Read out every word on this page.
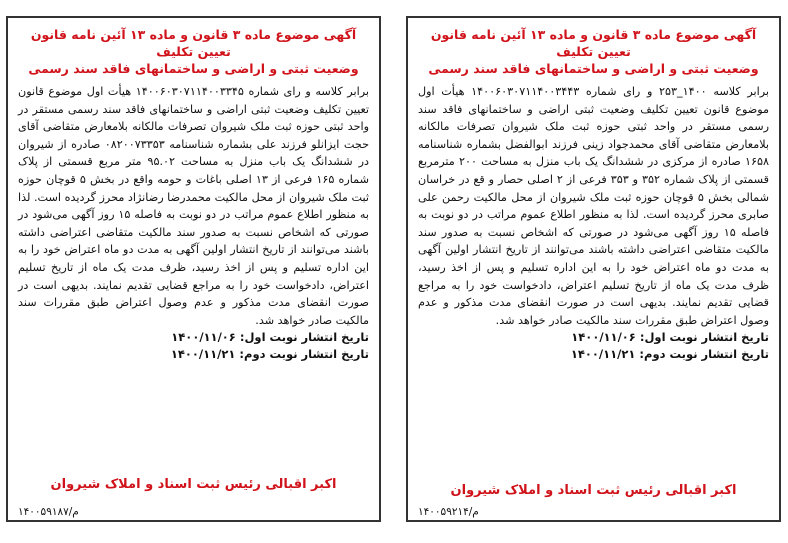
آگهی موضوع ماده ۳ قانون و ماده ۱۳ آئین نامه قانون تعیین تکلیف

وضعیت ثبتی و اراضی و ساختمانهای فاقد سند رسمی

برابر کلاسه و رای شماره ۱۴۰۰۶۰۳۰۷۱۱۴۰۰۳۳۴۵ هیأت اول موضوع قانون تعیین تکلیف وضعیت ثبتی اراضی و ساختمانهای فاقد سند رسمی مستقر در واحد ثبتی حوزه ثبت ملک شیروان تصرفات مالکانه بلامعارض متقاضی آقای حجت ایزانلو فرزند علی بشماره شناسنامه ۰۸۲۰۰۷۳۳۵۳ صادره از شیروان در ششدانگ یک باب منزل به مساحت ۹۵.۰۲ متر مربع قسمتی از پلاک شماره ۱۶۵ فرعی از ۱۳ اصلی باغات و حومه واقع در بخش ۵ قوچان حوزه ثبت ملک شیروان از محل مالکیت محمدرضا رضانژاد محرز گردیده است. لذا به منظور اطلاع عموم مراتب در دو نوبت به فاصله ۱۵ روز آگهی می‌شود در صورتی که اشخاص نسبت به صدور سند مالکیت متقاضی اعتراضی داشته باشند می‌توانند از تاریخ انتشار اولین آگهی به مدت دو ماه اعتراض خود را به این اداره تسلیم و پس از اخذ رسید، ظرف مدت یک ماه از تاریخ تسلیم اعتراض، دادخواست خود را به مراجع قضایی تقدیم نمایند. بدیهی است در صورت انقضای مدت مذکور و عدم وصول اعتراض طبق مقررات سند مالکیت صادر خواهد شد.

تاریخ انتشار نوبت اول: ۱۴۰۰/۱۱/۰۶

تاریخ انتشار نوبت دوم: ۱۴۰۰/۱۱/۲۱

اکبر اقبالی رئیس ثبت اسناد و املاک شیروان
م/۱۴۰۰۵۹۱۸۷

آگهی موضوع ماده ۳ قانون و ماده ۱۳ آئین نامه قانون تعیین تکلیف

وضعیت ثبتی و اراضی و ساختمانهای فاقد سند رسمی

برابر کلاسه ۱۴۰۰_۲۵۳ و رای شماره ۱۴۰۰۶۰۳۰۷۱۱۴۰۰۳۴۴۳ هیأت اول موضوع قانون تعیین تکلیف وضعیت ثبتی اراضی و ساختمانهای فاقد سند رسمی مستقر در واحد ثبتی حوزه ثبت ملک شیروان تصرفات مالکانه بلامعارض متقاضی آقای محمدجواد زینی فرزند ابوالفضل بشماره شناسنامه ۱۶۵۸ صادره از مرکزی در ششدانگ یک باب منزل به مساحت ۲۰۰ مترمربع قسمتی از پلاک شماره ۳۵۲ و ۳۵۳ فرعی از ۲ اصلی حصار و قع در خراسان شمالی بخش ۵ قوچان حوزه ثبت ملک شیروان از محل مالکیت رحمن علی صابری محرز گردیده است. لذا به منظور اطلاع عموم مراتب در دو نوبت به فاصله ۱۵ روز آگهی می‌شود در صورتی که اشخاص نسبت به صدور سند مالکیت متقاضی اعتراضی داشته باشند می‌توانند از تاریخ انتشار اولین آگهی به مدت دو ماه اعتراض خود را به این اداره تسلیم و پس از اخذ رسید، ظرف مدت یک ماه از تاریخ تسلیم اعتراض، دادخواست خود را به مراجع قضایی تقدیم نمایند. بدیهی است در صورت انقضای مدت مذکور و عدم وصول اعتراض طبق مقررات سند مالکیت صادر خواهد شد.

تاریخ انتشار نوبت اول: ۱۴۰۰/۱۱/۰۶

تاریخ انتشار نوبت دوم: ۱۴۰۰/۱۱/۲۱

اکبر اقبالی رئیس ثبت اسناد و املاک شیروان
م/۱۴۰۰۵۹۲۱۴
